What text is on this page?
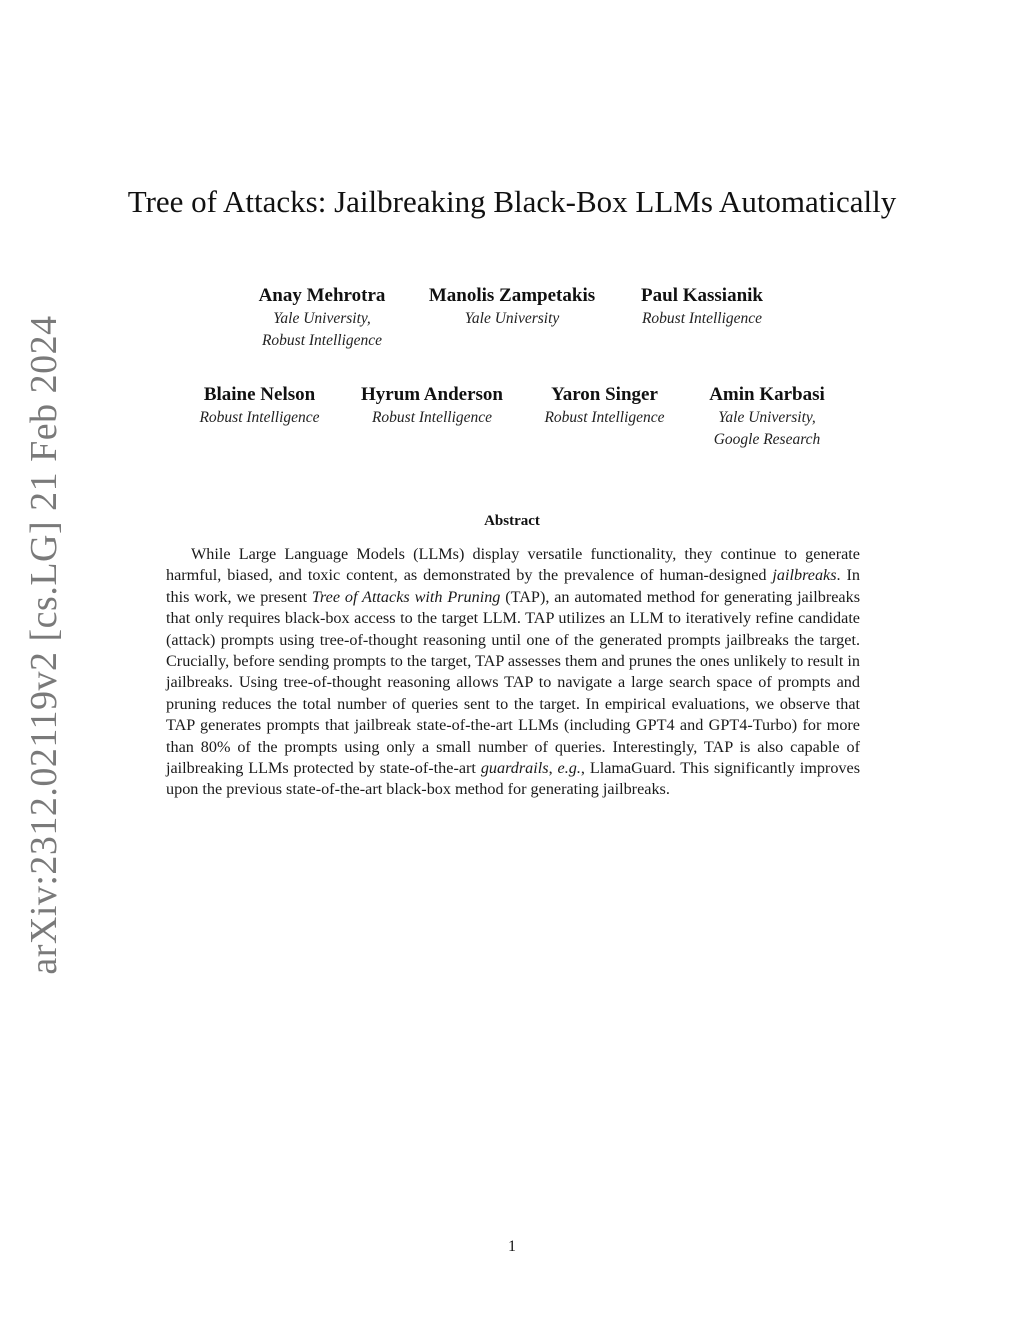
arXiv:2312.02119v2 [cs.LG] 21 Feb 2024
Tree of Attacks: Jailbreaking Black-Box LLMs Automatically
Anay Mehrotra
Yale University,
Robust Intelligence
Manolis Zampetakis
Yale University
Paul Kassianik
Robust Intelligence
Blaine Nelson
Robust Intelligence
Hyrum Anderson
Robust Intelligence
Yaron Singer
Robust Intelligence
Amin Karbasi
Yale University,
Google Research
Abstract

While Large Language Models (LLMs) display versatile functionality, they continue to generate harmful, biased, and toxic content, as demonstrated by the prevalence of human-designed jailbreaks. In this work, we present Tree of Attacks with Pruning (TAP), an automated method for generating jailbreaks that only requires black-box access to the target LLM. TAP utilizes an LLM to iteratively refine candidate (attack) prompts using tree-of-thought reasoning until one of the generated prompts jailbreaks the target. Crucially, before sending prompts to the target, TAP assesses them and prunes the ones unlikely to result in jailbreaks. Using tree-of-thought reasoning allows TAP to navigate a large search space of prompts and pruning reduces the total number of queries sent to the target. In empirical evaluations, we observe that TAP generates prompts that jailbreak state-of-the-art LLMs (including GPT4 and GPT4-Turbo) for more than 80% of the prompts using only a small number of queries. Interestingly, TAP is also capable of jailbreaking LLMs protected by state-of-the-art guardrails, e.g., LlamaGuard. This significantly improves upon the previous state-of-the-art black-box method for generating jailbreaks.

1
